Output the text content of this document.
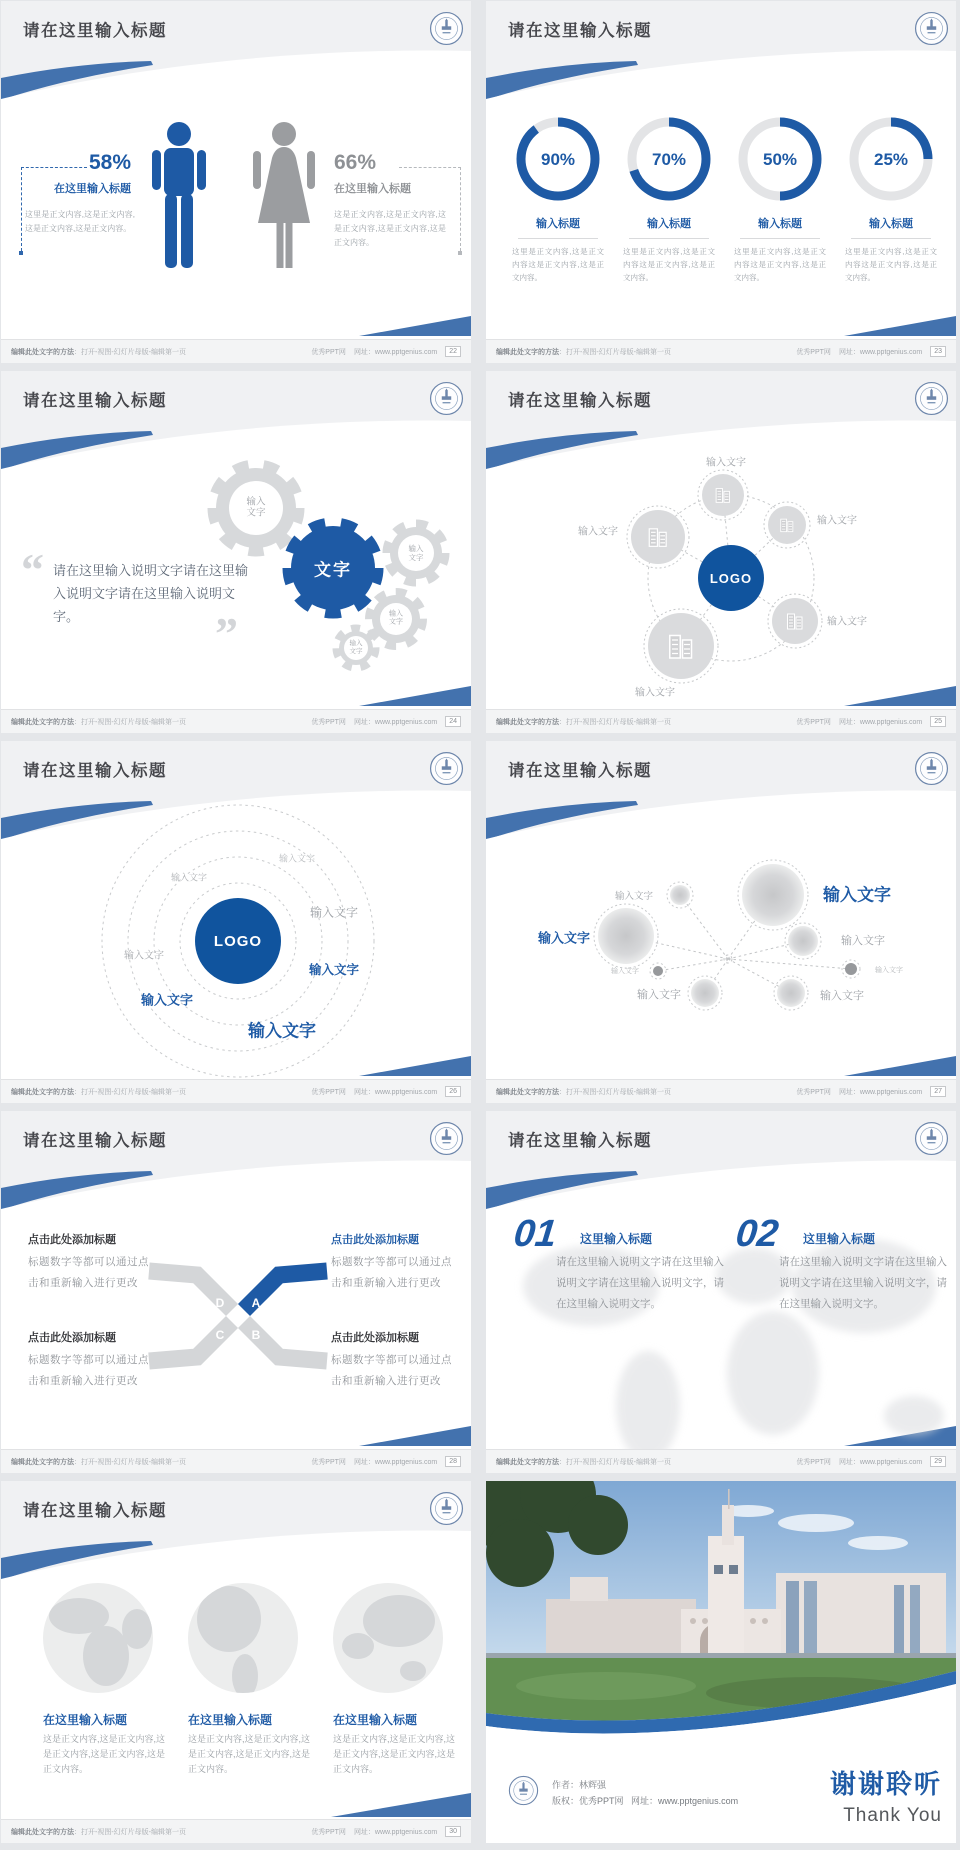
请在这里输入标题
58%
在这里输入标题
这里是正文内容,这是正文内容,这是正文内容,这是正文内容。
66%
在这里输入标题
这是正文内容,这是正文内容,这是正文内容,这是正文内容,这是正文内容。
编辑此处文字的方法 ：打开-视图-幻灯片母版-编辑第一页	优秀PPT网 网址：www.pptgenius.com	22
请在这里输入标题
90%
输入标题
这里是正文内容,这是正文内容这是正文内容,这是正文内容。
70%
输入标题
这里是正文内容,这是正文内容这是正文内容,这是正文内容。
50%
输入标题
这里是正文内容,这是正文内容这是正文内容,这是正文内容。
25%
输入标题
这里是正文内容,这是正文内容这是正文内容,这是正文内容。
编辑此处文字的方法 ：打开-视图-幻灯片母版-编辑第一页	优秀PPT网 网址：www.pptgenius.com	23
请在这里输入标题
“ 请在这里输入说明文字请在这里输入说明文字请在这里输入说明文字。	”
文字
输入文字
输入文字
输入文字
输入文字
编辑此处文字的方法 ：打开-视图-幻灯片母版-编辑第一页	优秀PPT网 网址：www.pptgenius.com	24
请在这里输入标题
LOGO
输入文字
输入文字
输入文字
输入文字
输入文字
编辑此处文字的方法 ：打开-视图-幻灯片母版-编辑第一页	优秀PPT网 网址：www.pptgenius.com	25
请在这里输入标题
LOGO
输入文字
输入文字
输入文字
输入文字
输入文字
输入文字
输入文字
编辑此处文字的方法 ：打开-视图-幻灯片母版-编辑第一页	优秀PPT网 网址：www.pptgenius.com	26
请在这里输入标题
输入文字	输入文字
输入文字	输入文字
输入文字	输入文字
输入文字	输入文字
编辑此处文字的方法 ：打开-视图-幻灯片母版-编辑第一页	优秀PPT网 网址：www.pptgenius.com	27
D A
C B
请在这里输入标题
点击此处添加标题
标题数字等都可以通过点击和重新输入进行更改
点击此处添加标题
标题数字等都可以通过点击和重新输入进行更改
点击此处添加标题
标题数字等都可以通过点击和重新输入进行更改
点击此处添加标题
标题数字等都可以通过点击和重新输入进行更改
编辑此处文字的方法 ：打开-视图-幻灯片母版-编辑第一页	优秀PPT网 网址：www.pptgenius.com	28
请在这里输入标题
01 这里输入标题
请在这里输入说明文字请在这里输入说明文字请在这里输入说明文字，请在这里输入说明文字。
02 这里输入标题
请在这里输入说明文字请在这里输入说明文字请在这里输入说明文字，请在这里输入说明文字。
编辑此处文字的方法 ：打开-视图-幻灯片母版-编辑第一页	优秀PPT网 网址：www.pptgenius.com	29
请在这里输入标题
在这里输入标题
这是正文内容,这是正文内容,这是正文内容,这是正文内容,这是正文内容。
在这里输入标题
这是正文内容,这是正文内容,这是正文内容,这是正文内容,这是正文内容。
在这里输入标题
这是正文内容,这是正文内容,这是正文内容,这是正文内容,这是正文内容。
编辑此处文字的方法 ：打开-视图-幻灯片母版-编辑第一页	优秀PPT网 网址：www.pptgenius.com	30
作者：林辉强
版权：优秀PPT网 网址：www.pptgenius.com
谢谢聆听
Thank You
